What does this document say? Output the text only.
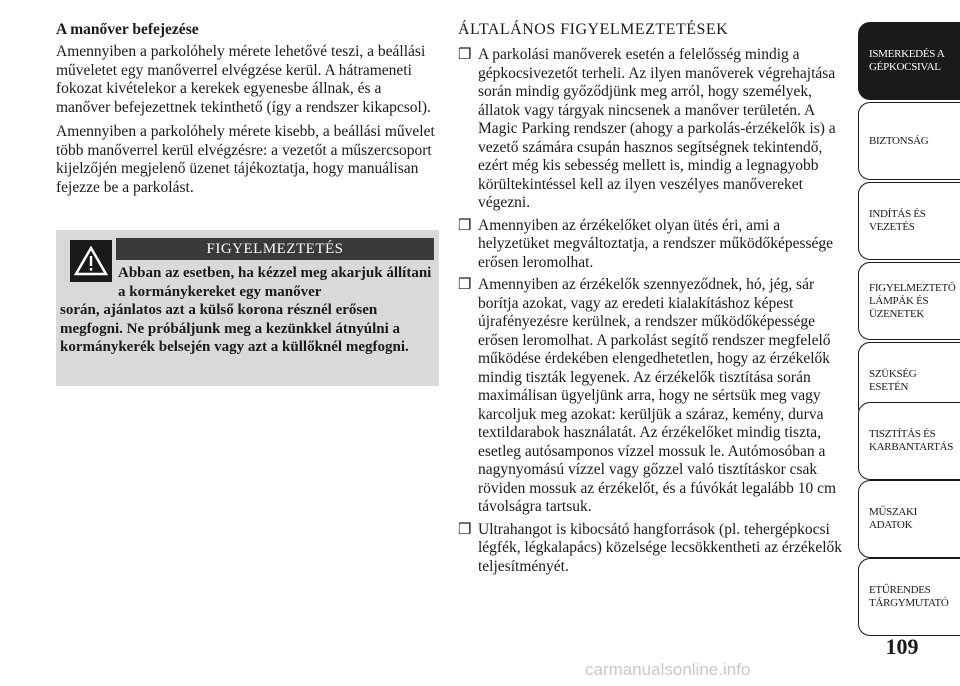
A manőver befejezése

Amennyiben a parkolóhely mérete lehetővé teszi, a beállási műveletet egy manőverrel elvégzése kerül. A hátrameneti fokozat kivételekor a kerekek egyenesbe állnak, és a manőver befejezettnek tekinthető (így a rendszer kikapcsol).

Amennyiben a parkolóhely mérete kisebb, a beállási művelet több manőverrel kerül elvégzésre: a vezetőt a műszercsoport kijelzőjén megjelenő üzenet tájékoztatja, hogy manuálisan fejezze be a parkolást.

FIGYELMEZTETÉS
Abban az esetben, ha kézzel meg akarjuk állítani a kormánykereket egy manőver
során, ajánlatos azt a külső korona résznél erősen megfogni. Ne próbáljunk meg a kezünkkel átnyúlni a kormánykerék belsején vagy azt a küllőknél megfogni.
ÁLTALÁNOS FIGYELMEZTETÉSEK
❒ A parkolási manőverek esetén a felelősség mindig a gépkocsivezetőt terheli. Az ilyen manőverek végrehajtása során mindig győződjünk meg arról, hogy személyek, állatok vagy tárgyak nincsenek a manőver területén. A Magic Parking rendszer (ahogy a parkolás-érzékelők is) a vezető számára csupán hasznos segítségnek tekintendő, ezért még kis sebesség mellett is, mindig a legnagyobb körültekintéssel kell az ilyen veszélyes manővereket végezni.
❒ Amennyiben az érzékelőket olyan ütés éri, ami a helyzetüket megváltoztatja, a rendszer működőképessége erősen leromolhat.
❒ Amennyiben az érzékelők szennyeződnek, hó, jég, sár borítja azokat, vagy az eredeti kialakításhoz képest újrafényezésre kerülnek, a rendszer működőképessége erősen leromolhat. A parkolást segítő rendszer megfelelő működése érdekében elengedhetetlen, hogy az érzékelők mindig tiszták legyenek. Az érzékelők tisztítása során maximálisan ügyeljünk arra, hogy ne sértsük meg vagy karcoljuk meg azokat: kerüljük a száraz, kemény, durva textildarabok használatát. Az érzékelőket mindig tiszta, esetleg autósamponos vízzel mossuk le. Autómosóban a nagynyomású vízzel vagy gőzzel való tisztításkor csak röviden mossuk az érzékelőt, és a fúvókát legalább 10 cm távolságra tartsuk.
❒ Ultrahangot is kibocsátó hangforrások (pl. tehergépkocsi légfék, légkalapács) közelsége lecsökkentheti az érzékelők teljesítményét.
ISMERKEDÉS A GÉPKOCSIVAL
BIZTONSÁG
INDÍTÁS ÉS VEZETÉS
FIGYELMEZTETŐ LÁMPÁK ÉS ÜZENETEK
SZÜKSÉG ESETÉN
TISZTÍTÁS ÉS KARBANTARTÁS
MŰSZAKI ADATOK
ETŰRENDES TÁRGYMUTATÓ
109
carmanualsonline.info
